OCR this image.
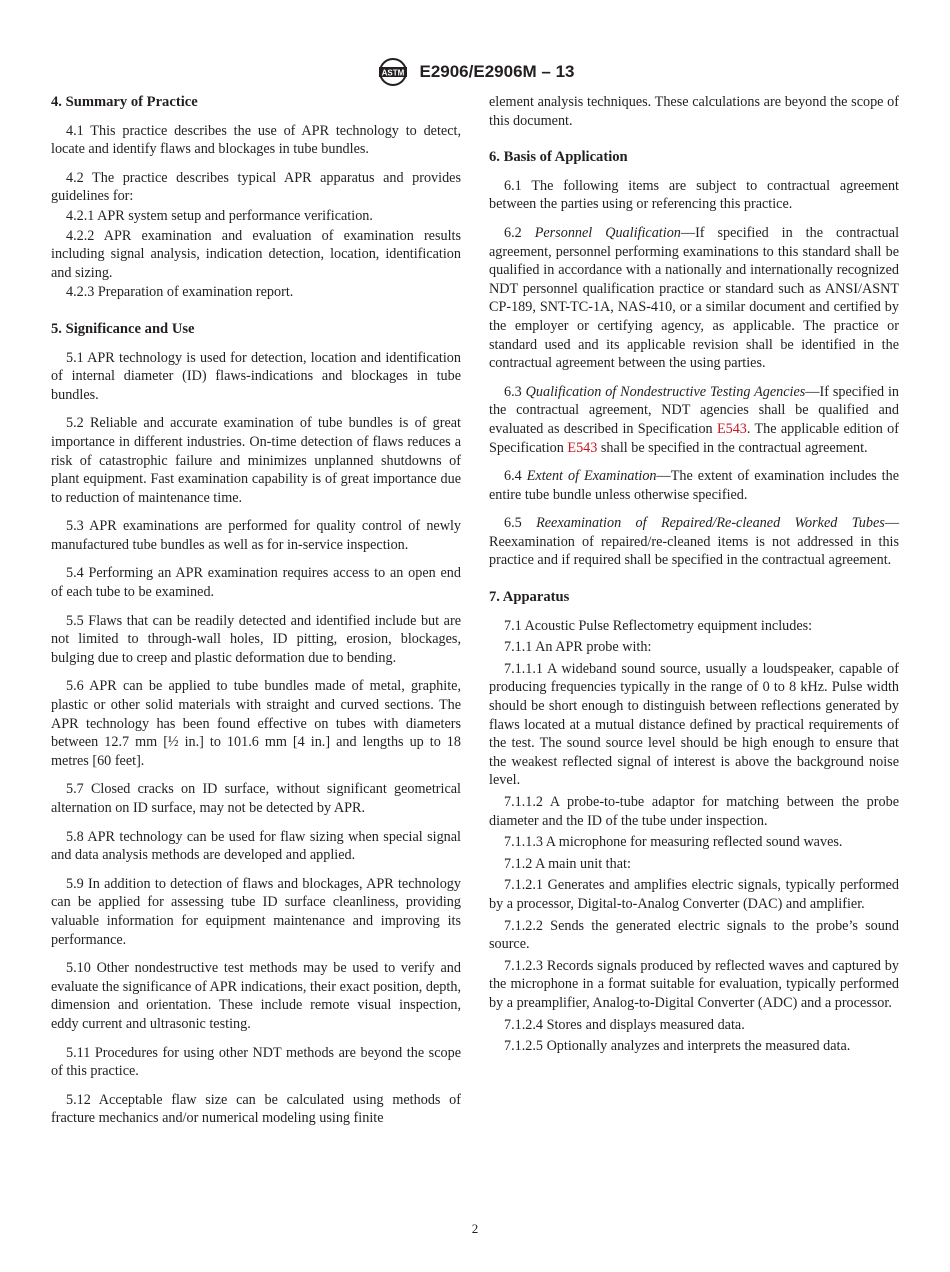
ASTM E2906/E2906M – 13
4. Summary of Practice

4.1 This practice describes the use of APR technology to detect, locate and identify flaws and blockages in tube bundles.

4.2 The practice describes typical APR apparatus and provides guidelines for:

4.2.1 APR system setup and performance verification.

4.2.2 APR examination and evaluation of examination results including signal analysis, indication detection, location, identification and sizing.

4.2.3 Preparation of examination report.

5. Significance and Use

5.1 APR technology is used for detection, location and identification of internal diameter (ID) flaws-indications and blockages in tube bundles.

5.2 Reliable and accurate examination of tube bundles is of great importance in different industries. On-time detection of flaws reduces a risk of catastrophic failure and minimizes unplanned shutdowns of plant equipment. Fast examination capability is of great importance due to reduction of maintenance time.

5.3 APR examinations are performed for quality control of newly manufactured tube bundles as well as for in-service inspection.

5.4 Performing an APR examination requires access to an open end of each tube to be examined.

5.5 Flaws that can be readily detected and identified include but are not limited to through-wall holes, ID pitting, erosion, blockages, bulging due to creep and plastic deformation due to bending.

5.6 APR can be applied to tube bundles made of metal, graphite, plastic or other solid materials with straight and curved sections. The APR technology has been found effective on tubes with diameters between 12.7 mm [½ in.] to 101.6 mm [4 in.] and lengths up to 18 metres [60 feet].

5.7 Closed cracks on ID surface, without significant geometrical alternation on ID surface, may not be detected by APR.

5.8 APR technology can be used for flaw sizing when special signal and data analysis methods are developed and applied.

5.9 In addition to detection of flaws and blockages, APR technology can be applied for assessing tube ID surface cleanliness, providing valuable information for equipment maintenance and improving its performance.

5.10 Other nondestructive test methods may be used to verify and evaluate the significance of APR indications, their exact position, depth, dimension and orientation. These include remote visual inspection, eddy current and ultrasonic testing.

5.11 Procedures for using other NDT methods are beyond the scope of this practice.

5.12 Acceptable flaw size can be calculated using methods of fracture mechanics and/or numerical modeling using finite

element analysis techniques. These calculations are beyond the scope of this document.

6. Basis of Application

6.1 The following items are subject to contractual agreement between the parties using or referencing this practice.

6.2 Personnel Qualification—If specified in the contractual agreement, personnel performing examinations to this standard shall be qualified in accordance with a nationally and internationally recognized NDT personnel qualification practice or standard such as ANSI/ASNT CP-189, SNT-TC-1A, NAS-410, or a similar document and certified by the employer or certifying agency, as applicable. The practice or standard used and its applicable revision shall be identified in the contractual agreement between the using parties.

6.3 Qualification of Nondestructive Testing Agencies—If specified in the contractual agreement, NDT agencies shall be qualified and evaluated as described in Specification E543. The applicable edition of Specification E543 shall be specified in the contractual agreement.

6.4 Extent of Examination—The extent of examination includes the entire tube bundle unless otherwise specified.

6.5 Reexamination of Repaired/Re-cleaned Worked Tubes—Reexamination of repaired/re-cleaned items is not addressed in this practice and if required shall be specified in the contractual agreement.

7. Apparatus

7.1 Acoustic Pulse Reflectometry equipment includes:

7.1.1 An APR probe with:

7.1.1.1 A wideband sound source, usually a loudspeaker, capable of producing frequencies typically in the range of 0 to 8 kHz. Pulse width should be short enough to distinguish between reflections generated by flaws located at a mutual distance defined by practical requirements of the test. The sound source level should be high enough to ensure that the weakest reflected signal of interest is above the background noise level.

7.1.1.2 A probe-to-tube adaptor for matching between the probe diameter and the ID of the tube under inspection.

7.1.1.3 A microphone for measuring reflected sound waves.

7.1.2 A main unit that:

7.1.2.1 Generates and amplifies electric signals, typically performed by a processor, Digital-to-Analog Converter (DAC) and amplifier.

7.1.2.2 Sends the generated electric signals to the probe’s sound source.

7.1.2.3 Records signals produced by reflected waves and captured by the microphone in a format suitable for evaluation, typically performed by a preamplifier, Analog-to-Digital Converter (ADC) and a processor.

7.1.2.4 Stores and displays measured data.

7.1.2.5 Optionally analyzes and interprets the measured data.

2
